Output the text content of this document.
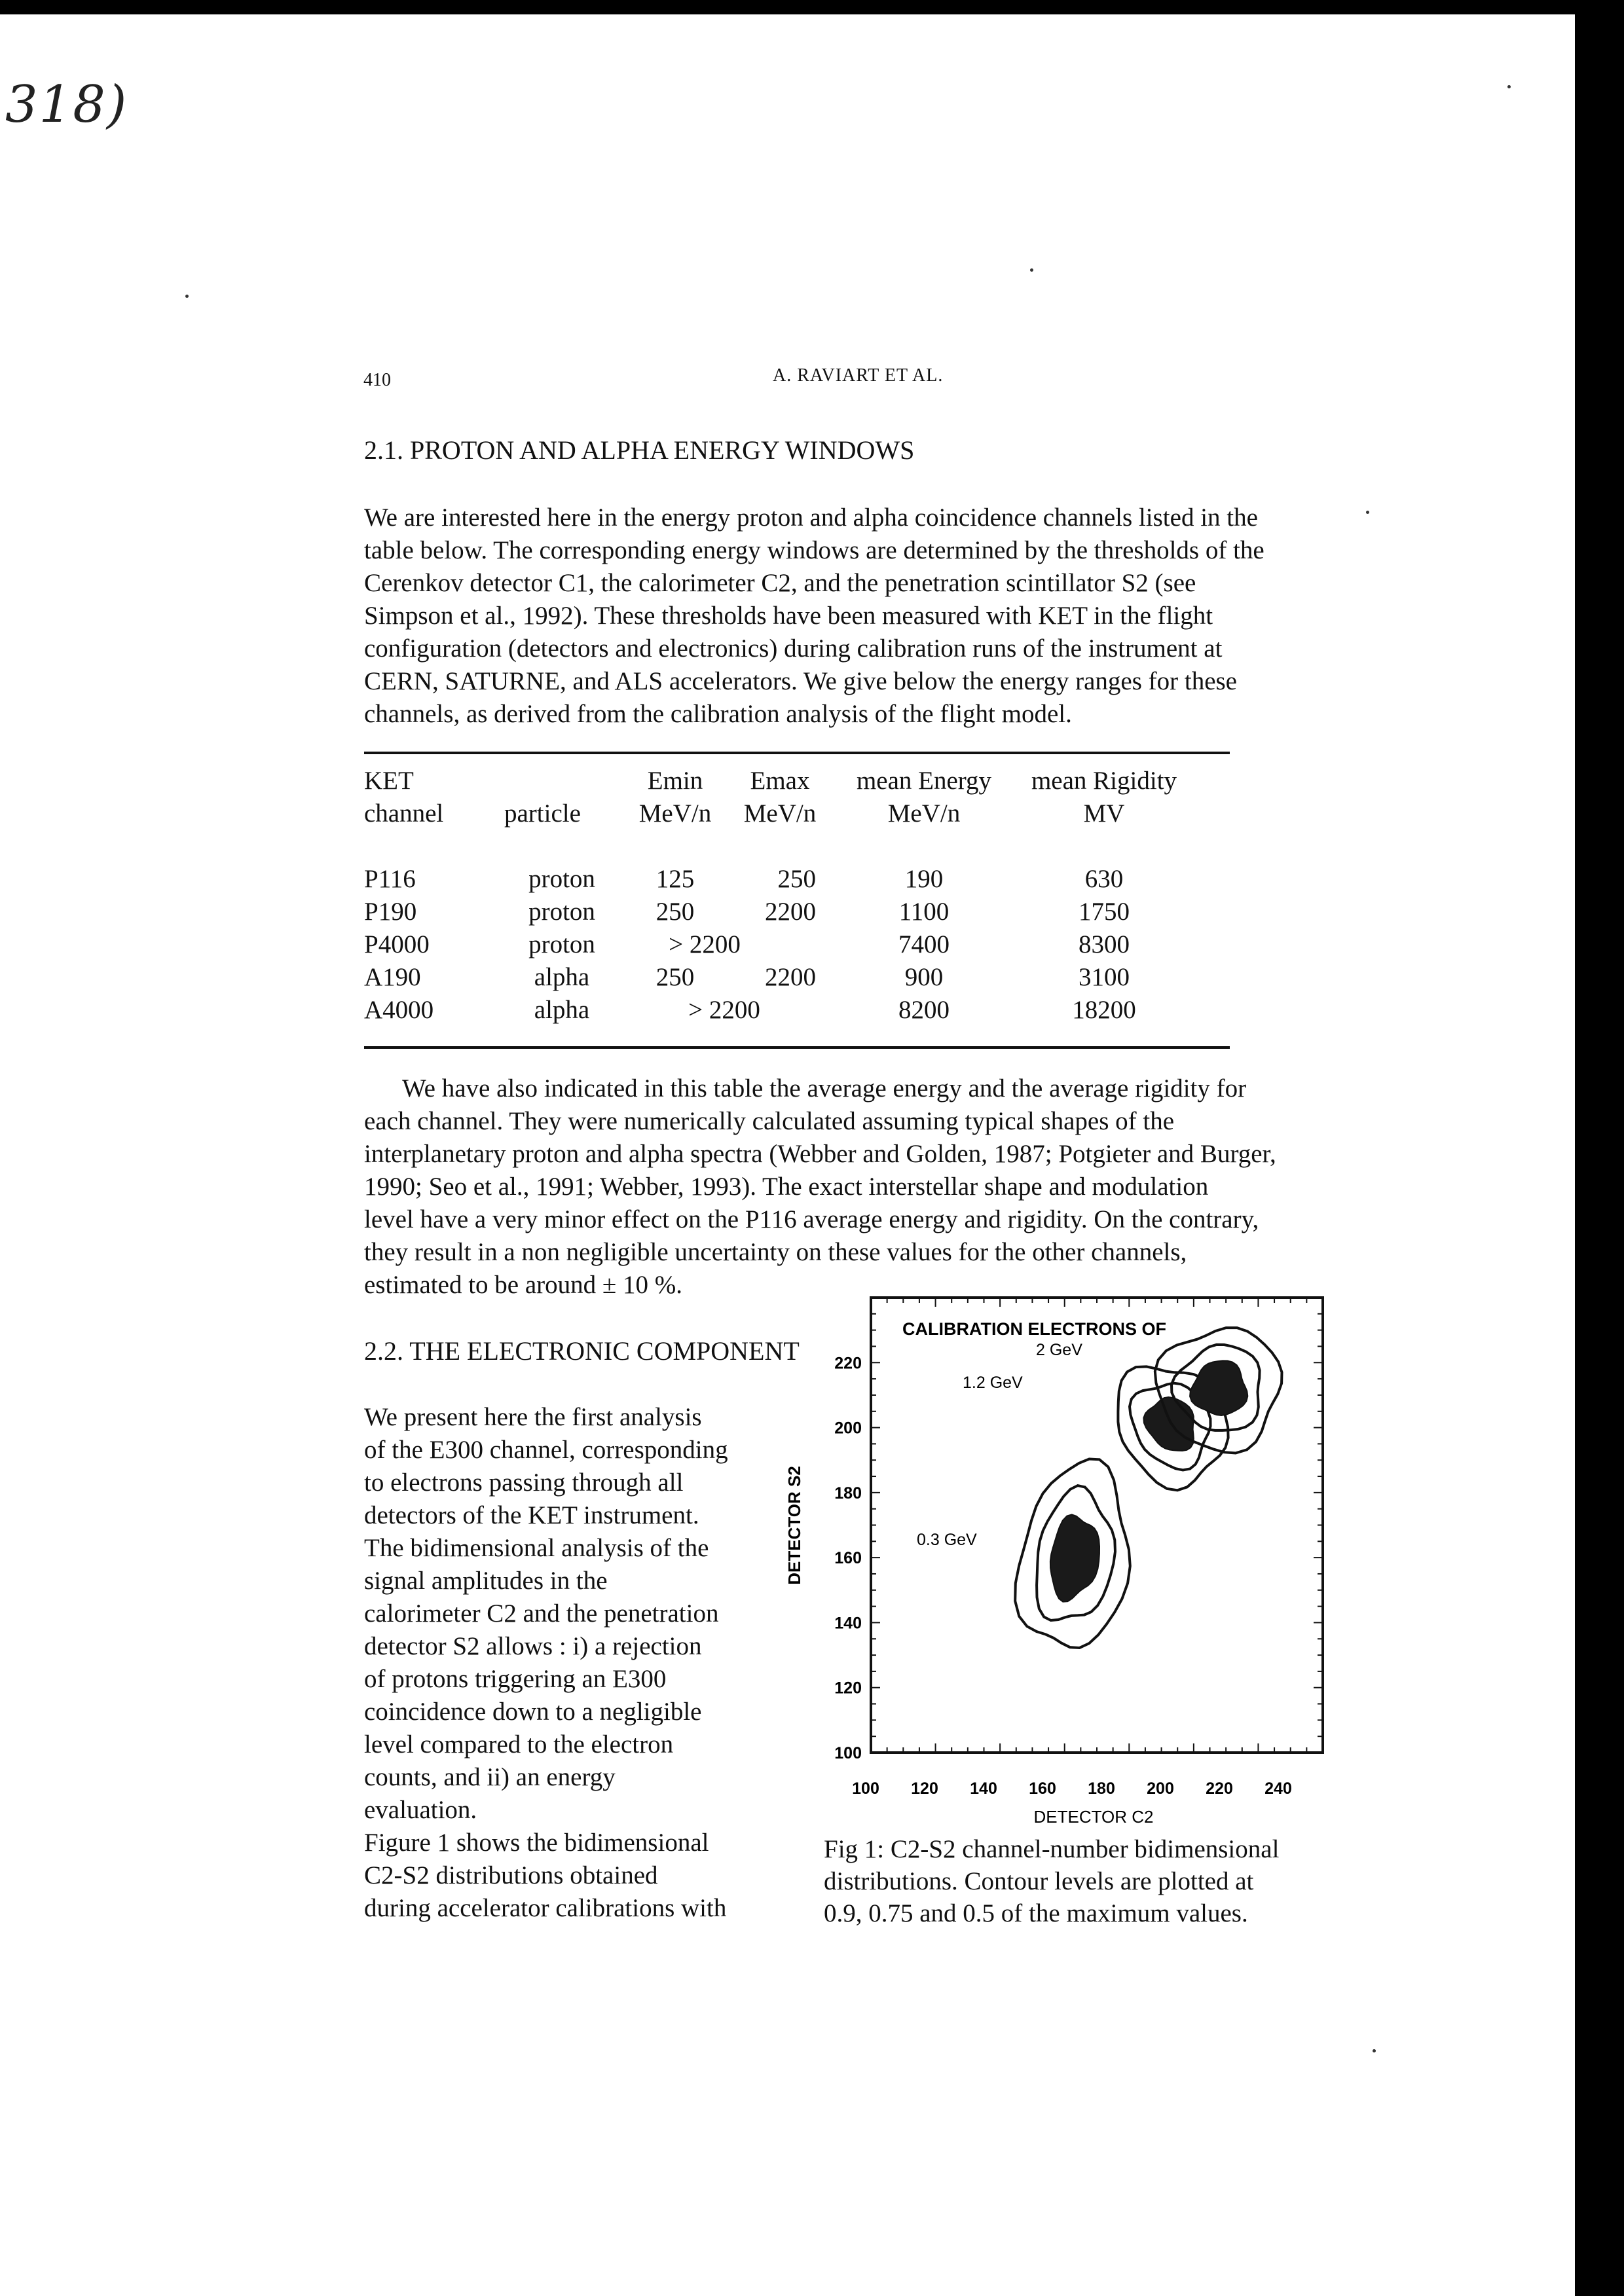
318)
410	A. RAVIART ET AL.
2.1. PROTON AND ALPHA ENERGY WINDOWS
We are interested here in the energy proton and alpha coincidence channels listed in the
table below. The corresponding energy windows are determined by the thresholds of the
Cerenkov detector C1, the calorimeter C2, and the penetration scintillator S2 (see
Simpson et al., 1992). These thresholds have been measured with KET in the flight
configuration (detectors and electronics) during calibration runs of the instrument at
CERN, SATURNE, and ALS accelerators. We give below the energy ranges for these
channels, as derived from the calibration analysis of the flight model.
KET		Emin	Emax	mean Energy	mean Rigidity
channel	particle	MeV/n	MeV/n	MeV/n	MV

P116	proton	125	250	190	630
P190	proton	250	2200	1100	1750
P4000	proton	> 2200		7400	8300
A190	alpha	250	2200	900	3100
A4000	alpha	> 2200		8200	18200
We have also indicated in this table the average energy and the average rigidity for
each channel. They were numerically calculated assuming typical shapes of the
interplanetary proton and alpha spectra (Webber and Golden, 1987; Potgieter and Burger,
1990; Seo et al., 1991; Webber, 1993). The exact interstellar shape and modulation
level have a very minor effect on the P116 average energy and rigidity. On the contrary,
they result in a non negligible uncertainty on these values for the other channels,
estimated to be around ± 10 %.
2.2. THE ELECTRONIC COMPONENT
We present here the first analysis
of the E300 channel, corresponding
to electrons passing through all
detectors of the KET instrument.
The bidimensional analysis of the
signal amplitudes in the
calorimeter C2 and the penetration
detector S2 allows : i) a rejection
of protons triggering an E300
coincidence down to a negligible
level compared to the electron
counts, and ii) an energy
evaluation.
Figure 1 shows the bidimensional
C2-S2 distributions obtained
during accelerator calibrations with
CALIBRATION ELECTRONS OF
100
120
140
160
180
200
220
100 120 140 160 180 200 220 240
DETECTOR C2
DETECTOR S2	0.3 GeV
1.2 GeV
2 GeV
Fig 1: C2-S2 channel-number bidimensional
distributions. Contour levels are plotted at
0.9, 0.75 and 0.5 of the maximum values.
